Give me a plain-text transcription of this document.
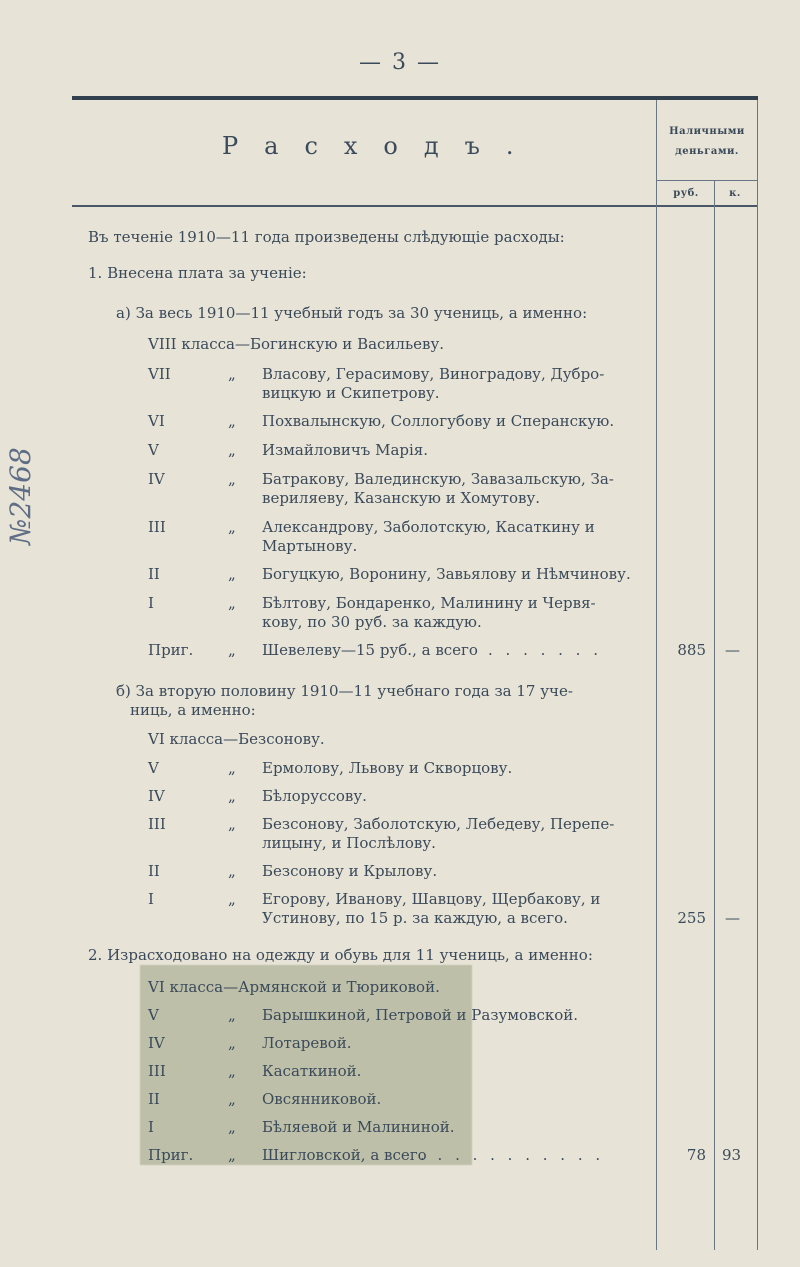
— 3 —
Расходъ.
Наличными деньгами.
руб.	к.
Въ теченіе 1910—11 года произведены слѣдующіе расходы:
1. Внесена плата за ученіе:
а) За весь 1910—11 учебный годъ за 30 учениць, а именно:
VIII класса—Богинскую и Васильеву.
VII	„ Власову, Герасимову, Виноградову, Дубро-
вицкую и Скипетрову.
VI	„ Похвалынскую, Соллогубову и Сперанскую.
V	„ Измайловичъ Марія.
IV	„ Батракову, Валединскую, Завазальскую, За-
вериляеву, Казанскую и Хомутову.
III	„ Александрову, Заболотскую, Касаткину и
Мартынову.
II	„ Богуцкую, Воронину, Завьялову и Нѣмчинову.
I	„ Бѣлтову, Бондаренко, Малинину и Червя-
кову, по 30 руб. за каждую.
Приг. „ Шевелеву—15 руб., а всего . . . . . . .	885 —
б) За вторую половину 1910—11 учебнаго года за 17 уче-
ниць, а именно:
VI класса—Безсонову.
V	„ Ермолову, Львову и Скворцову.
IV	„ Бѣлоруссову.
III	„ Безсонову, Заболотскую, Лебедеву, Перепе-
лицыну, и Послѣлову.
II	„ Безсонову и Крылову.
I	„ Егорову, Иванову, Шавцову, Щербакову, и
Устинову, по 15 р. за каждую, а всего.	255 —
2. Израсходовано на одежду и обувь для 11 учениць, а именно:
VI класса—Армянской и Тюриковой.
V	„ Барышкиной, Петровой и Разумовской.
IV	„ Лотаревой.
III	„ Касаткиной.
II	„ Овсянниковой.
I	„ Бѣляевой и Малининой.
Приг. „ Шигловской, а всего
. . . . . . . . . . .	78 93
№2468
